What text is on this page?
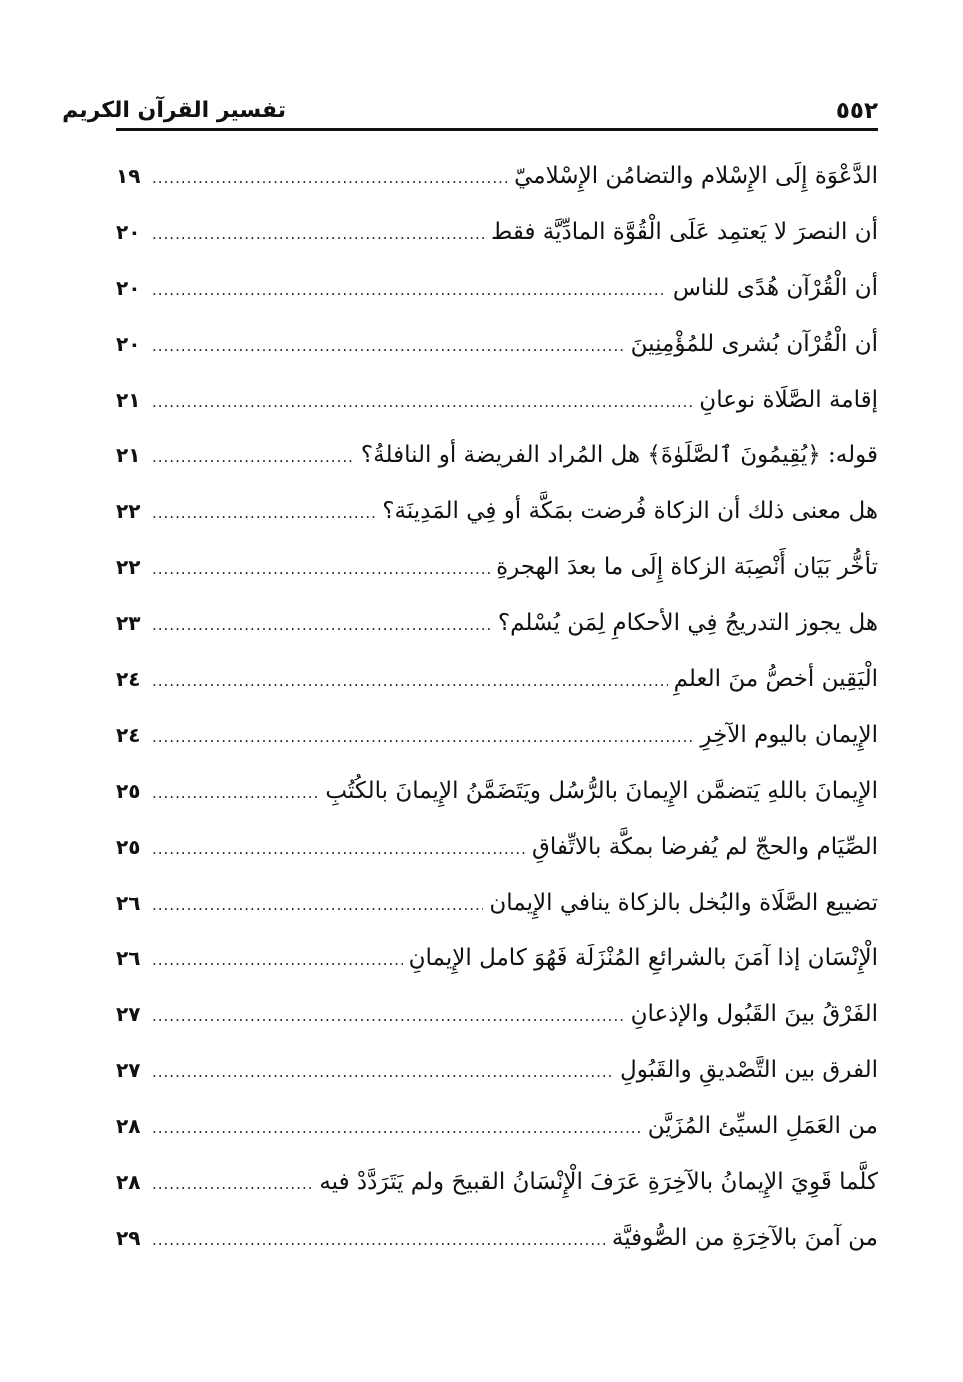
٥٥٢
تفسير القرآن الكريم
الدَّعْوَة إِلَى الإِسْلام والتضامُن الإِسْلاميّ
.....
١٩
أن النصرَ لا يَعتمِد عَلَى الْقُوَّة المادِّيَّة فقط
.....
٢٠
أن الْقُرْآن هُدًى للناس
.....
٢٠
أن الْقُرْآن بُشرى للمُؤْمِنِينَ
.....
٢٠
إقامة الصَّلَاة نوعانِ
.....
٢١
قوله: ﴿يُقِيمُونَ ٱلصَّلَوٰةَ﴾ هل المُراد الفريضة أو النافلةُ؟
.....
٢١
هل معنى ذلك أن الزكاة فُرضت بمَكَّة أو فِي المَدِينَة؟
.....
٢٢
تأخُّر بَيَان أَنْصِبَة الزكاة إِلَى ما بعدَ الهجرةِ
.....
٢٢
هل يجوز التدريجُ فِي الأحكامِ لِمَن يُسْلم؟
.....
٢٣
الْيَقِين أخصُّ منَ العلمِ
.....
٢٤
الإِيمان باليوم الآخِرِ
.....
٢٤
الإِيمانَ باللهِ يَتضمَّن الإِيمانَ بالرُّسُل ويَتَضَمَّنُ الإِيمانَ بالكُتُبِ
.....
٢٥
الصِّيَام والحجّ لم يُفرضا بمكَّة بالاتِّفاقِ
.....
٢٥
تضييع الصَّلَاة والبُخل بالزكاة ينافي الإِيمان
.....
٢٦
الْإِنْسَان إذا آمَنَ بالشرائعِ المُنْزَلَة فَهُوَ كامل الإِيمانِ
.....
٢٦
الفَرْقُ بينَ القَبُول والإذعانِ
.....
٢٧
الفرق بين التَّصْديقِ والقَبُولِ
.....
٢٧
من العَمَلِ السيِّئ المُزَيَّن
.....
٢٨
كلَّما قَوِيَ الإِيمانُ بالآخِرَةِ عَرَفَ الْإِنْسَانُ القبيحَ ولم يَتَرَدَّدْ فيه
.....
٢٨
من آمنَ بالآخِرَةِ من الصُّوفيَّة
.....
٢٩
